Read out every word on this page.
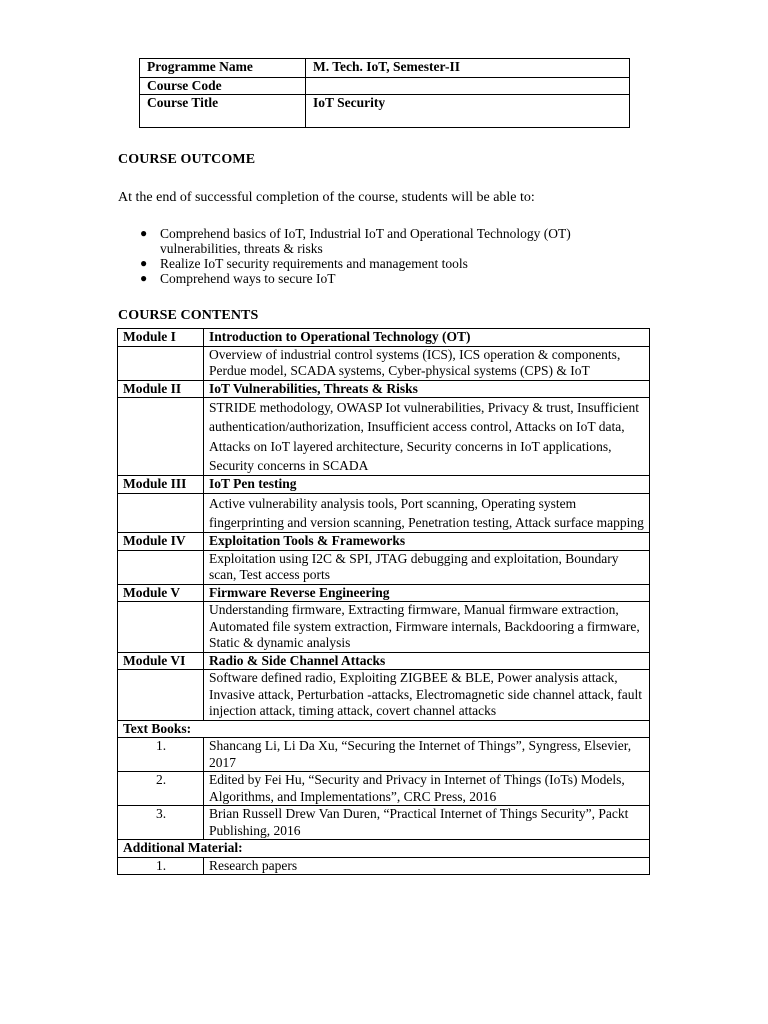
Programme Name	M. Tech. IoT, Semester-II
Course Code	
Course Title	IoT Security
COURSE OUTCOME
At the end of successful completion of the course, students will be able to:
● Comprehend basics of IoT, Industrial IoT and Operational Technology (OT) vulnerabilities, threats & risks
● Realize IoT security requirements and management tools
● Comprehend ways to secure IoT
COURSE CONTENTS
Module I	Introduction to Operational Technology (OT)
	Overview of industrial control systems (ICS), ICS operation & components, Perdue model, SCADA systems, Cyber-physical systems (CPS) & IoT
Module II	IoT Vulnerabilities, Threats & Risks
	STRIDE methodology, OWASP Iot vulnerabilities, Privacy & trust, Insufficient authentication/authorization, Insufficient access control, Attacks on IoT data, Attacks on IoT layered architecture, Security concerns in IoT applications, Security concerns in SCADA
Module III	IoT Pen testing
	Active vulnerability analysis tools, Port scanning, Operating system fingerprinting and version scanning, Penetration testing, Attack surface mapping
Module IV	Exploitation Tools & Frameworks
	Exploitation using I2C & SPI, JTAG debugging and exploitation, Boundary scan, Test access ports
Module V	Firmware Reverse Engineering
	Understanding firmware, Extracting firmware, Manual firmware extraction, Automated file system extraction, Firmware internals, Backdooring a firmware, Static & dynamic analysis
Module VI	Radio & Side Channel Attacks
	Software defined radio, Exploiting ZIGBEE & BLE, Power analysis attack, Invasive attack, Perturbation -attacks, Electromagnetic side channel attack, fault injection attack, timing attack, covert channel attacks
Text Books:	
1.	Shancang Li, Li Da Xu, “Securing the Internet of Things”, Syngress, Elsevier, 2017
2.	Edited by Fei Hu, “Security and Privacy in Internet of Things (IoTs) Models, Algorithms, and Implementations”, CRC Press, 2016
3.	Brian Russell Drew Van Duren, “Practical Internet of Things Security”, Packt Publishing, 2016
Additional Material:	
1.	Research papers
